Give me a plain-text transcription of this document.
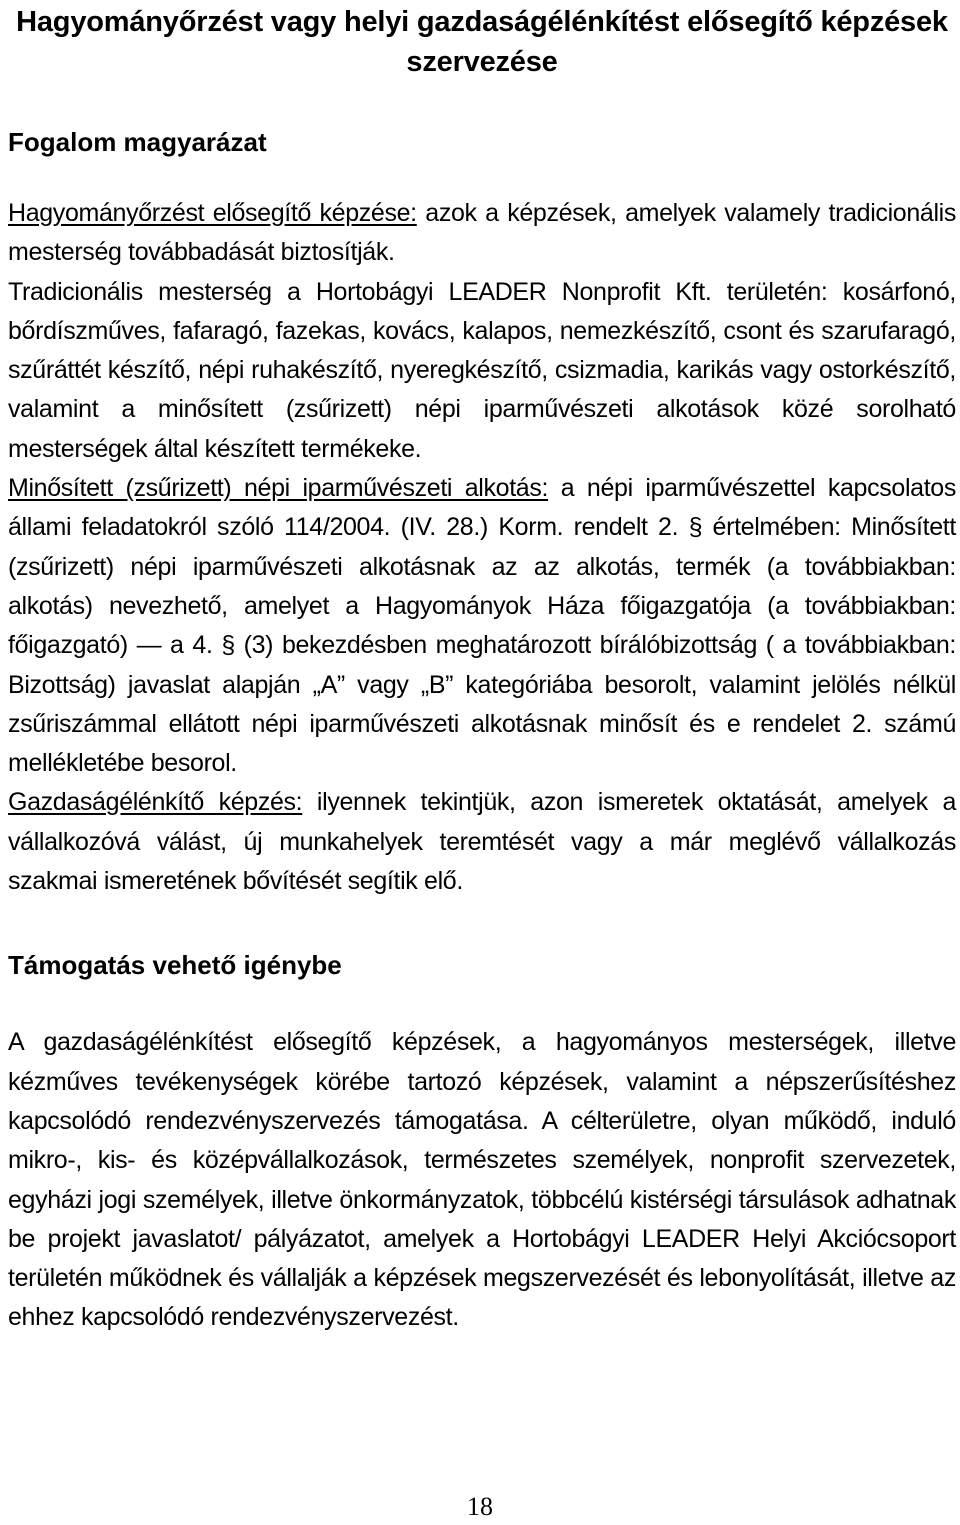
Hagyományőrzést vagy helyi gazdaságélénkítést elősegítő képzések szervezése
Fogalom magyarázat

Hagyományőrzést elősegítő képzése: azok a képzések, amelyek valamely tradicionális mesterség továbbadását biztosítják.

Tradicionális mesterség a Hortobágyi LEADER Nonprofit Kft. területén: kosárfonó, bőrdíszműves, fafaragó, fazekas, kovács, kalapos, nemezkészítő, csont és szarufaragó, szűráttét készítő, népi ruhakészítő, nyeregkészítő, csizmadia, karikás vagy ostorkészítő, valamint a minősített (zsűrizett) népi iparművészeti alkotások közé sorolható mesterségek által készített termékeke.

Minősített (zsűrizett) népi iparművészeti alkotás: a népi iparművészettel kapcsolatos állami feladatokról szóló 114/2004. (IV. 28.) Korm. rendelt 2. § értelmében: Minősített (zsűrizett) népi iparművészeti alkotásnak az az alkotás, termék (a továbbiakban: alkotás) nevezhető, amelyet a Hagyományok Háza főigazgatója (a továbbiakban: főigazgató) — a 4. § (3) bekezdésben meghatározott bírálóbizottság ( a továbbiakban: Bizottság) javaslat alapján „A” vagy „B” kategóriába besorolt, valamint jelölés nélkül zsűriszámmal ellátott népi iparművészeti alkotásnak minősít és e rendelet 2. számú mellékletébe besorol.

Gazdaságélénkítő képzés: ilyennek tekintjük, azon ismeretek oktatását, amelyek a vállalkozóvá válást, új munkahelyek teremtését vagy a már meglévő vállalkozás szakmai ismeretének bővítését segítik elő.

Támogatás vehető igénybe

A gazdaságélénkítést elősegítő képzések, a hagyományos mesterségek, illetve kézműves tevékenységek körébe tartozó képzések, valamint a népszerűsítéshez kapcsolódó rendezvényszervezés támogatása. A célterületre, olyan működő, induló mikro-, kis- és középvállalkozások, természetes személyek, nonprofit szervezetek, egyházi jogi személyek, illetve önkormányzatok, többcélú kistérségi társulások adhatnak be projekt javaslatot/ pályázatot, amelyek a Hortobágyi LEADER Helyi Akciócsoport területén működnek és vállalják a képzések megszervezését és lebonyolítását, illetve az ehhez kapcsolódó rendezvényszervezést.

18
